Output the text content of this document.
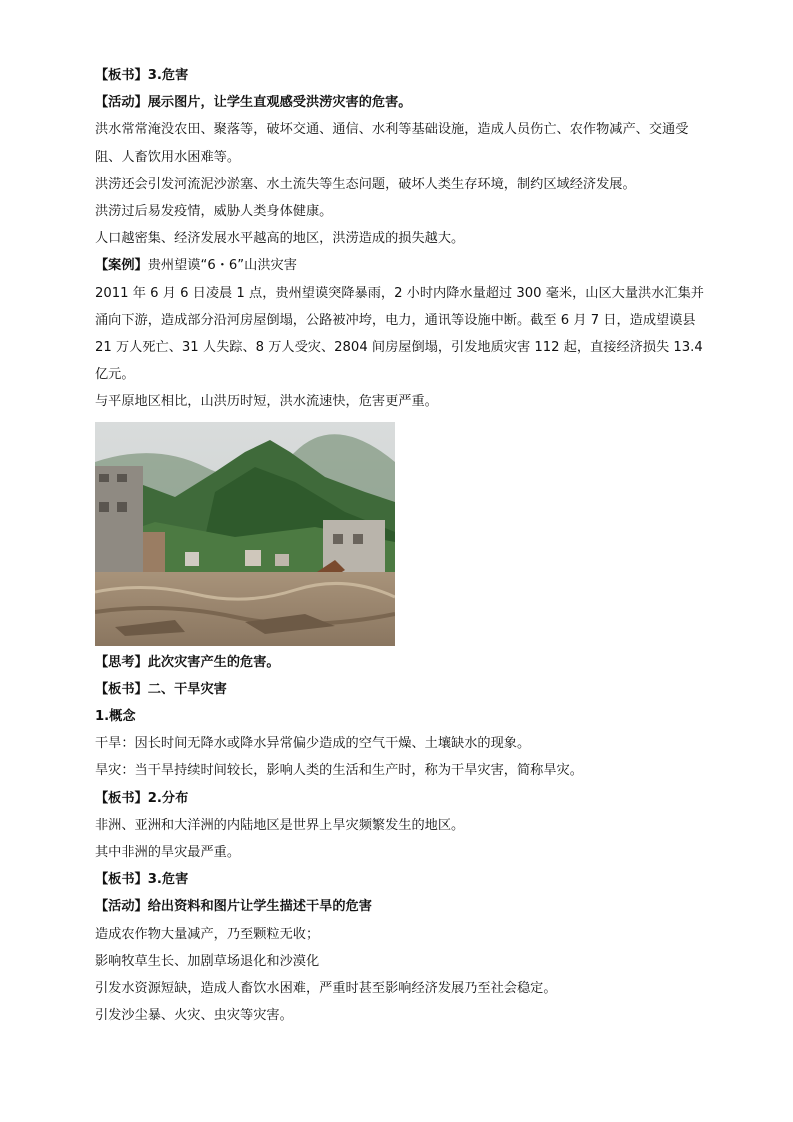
【板书】3.危害
【活动】展示图片，让学生直观感受洪涝灾害的危害。
洪水常常淹没农田、聚落等，破坏交通、通信、水利等基础设施，造成人员伤亡、农作物减产、交通受阻、人畜饮用水困难等。
洪涝还会引发河流泥沙淤塞、水土流失等生态问题，破坏人类生存环境，制约区域经济发展。
洪涝过后易发疫情，威胁人类身体健康。
人口越密集、经济发展水平越高的地区，洪涝造成的损失越大。
【案例】贵州望谟“6・6”山洪灾害
2011 年 6 月 6 日凌晨 1 点，贵州望谟突降暴雨，2 小时内降水量超过 300 毫米，山区大量洪水汇集并涌向下游，造成部分沿河房屋倒塌，公路被冲垮，电力，通讯等设施中断。截至 6 月 7 日，造成望谟县 21 万人死亡、31 人失踪、8 万人受灾、2804 间房屋倒塌，引发地质灾害 112 起，直接经济损失 13.4 亿元。
与平原地区相比，山洪历时短，洪水流速快，危害更严重。
【思考】此次灾害产生的危害。
【板书】二、干旱灾害
1.概念
干旱：因长时间无降水或降水异常偏少造成的空气干燥、土壤缺水的现象。
旱灾：当干旱持续时间较长，影响人类的生活和生产时，称为干旱灾害，简称旱灾。
【板书】2.分布
非洲、亚洲和大洋洲的内陆地区是世界上旱灾频繁发生的地区。
其中非洲的旱灾最严重。
【板书】3.危害
【活动】给出资料和图片让学生描述干旱的危害
造成农作物大量减产，乃至颗粒无收；
影响牧草生长、加剧草场退化和沙漠化
引发水资源短缺，造成人畜饮水困难，严重时甚至影响经济发展乃至社会稳定。
引发沙尘暴、火灾、虫灾等灾害。
